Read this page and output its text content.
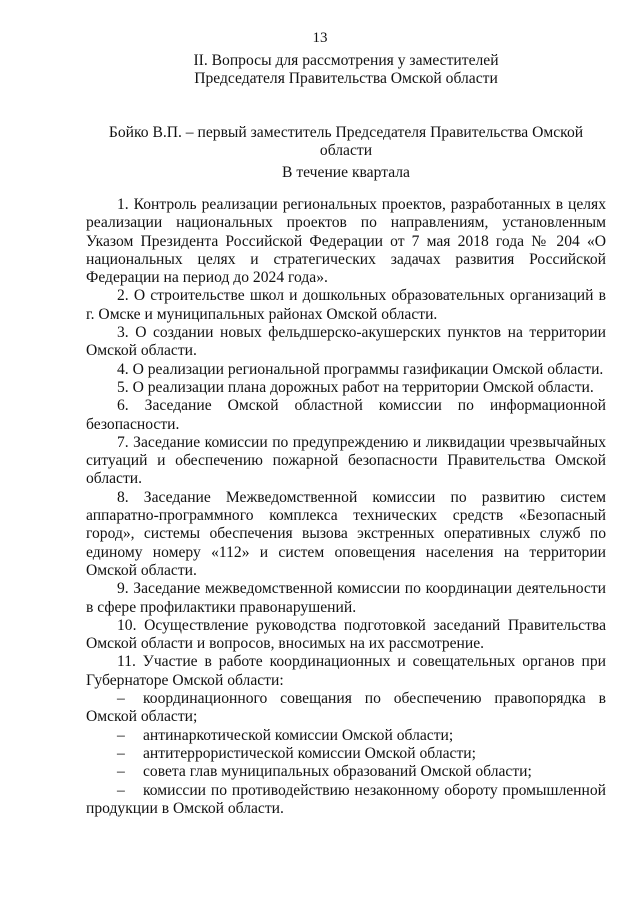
13
II. Вопросы для рассмотрения у заместителей
Председателя Правительства Омской области
Бойко В.П. – первый заместитель Председателя Правительства Омской области
В течение квартала

1. Контроль реализации региональных проектов, разработанных в целях реализации национальных проектов по направлениям, установленным Указом Президента Российской Федерации от 7 мая 2018 года № 204 «О национальных целях и стратегических задачах развития Российской Федерации на период до 2024 года».

2. О строительстве школ и дошкольных образовательных организаций в г. Омске и муниципальных районах Омской области.

3. О создании новых фельдшерско-акушерских пунктов на территории Омской области.

4. О реализации региональной программы газификации Омской области.

5. О реализации плана дорожных работ на территории Омской области.

6. Заседание Омской областной комиссии по информационной безопасности.

7. Заседание комиссии по предупреждению и ликвидации чрезвычайных ситуаций и обеспечению пожарной безопасности Правительства Омской области.

8. Заседание Межведомственной комиссии по развитию систем аппаратно-программного комплекса технических средств «Безопасный город», системы обеспечения вызова экстренных оперативных служб по единому номеру «112» и систем оповещения населения на территории Омской области.

9. Заседание межведомственной комиссии по координации деятельности в сфере профилактики правонарушений.

10. Осуществление руководства подготовкой заседаний Правительства Омской области и вопросов, вносимых на их рассмотрение.

11. Участие в работе координационных и совещательных органов при Губернаторе Омской области:

– координационного совещания по обеспечению правопорядка в Омской области;

– антинаркотической комиссии Омской области;

– антитеррористической комиссии Омской области;

– совета глав муниципальных образований Омской области;

– комиссии по противодействию незаконному обороту промышленной продукции в Омской области.
